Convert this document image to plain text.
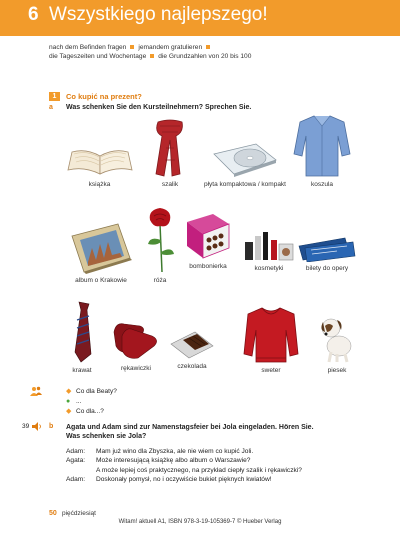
6 Wszystkiego najlepszego!
nach dem Befinden fragen jemandem gratulieren
die Tageszeiten und Wochentage die Grundzahlen von 20 bis 100
1	Co kupić na prezent?
a Was schenken Sie den Kursteilnehmern? Sprechen Sie.
książka	szalik	płyta kompaktowa / kompakt	koszula
album o Krakowie	róża
bombonierka	kosmetyki	bilety do opery
krawat	rękawiczki	czekolada
sweter	piesek
◆ Co dla Beaty?
● ...
◆ Co dla...?
39	b Agata und Adam sind zur Namenstagsfeier bei Jola eingeladen. Hören Sie.
Was schenken sie Jola?
Adam:	Mam już wino dla Zbyszka, ale nie wiem co kupić Joli.
Agata:	Może interesującą książkę albo album o Warszawie?
A może lepiej coś praktycznego, na przykład ciepły szalik i rękawiczki?
Adam:	Doskonały pomysł, no i oczywiście bukiet pięknych kwiatów!
50 pięćdziesiąt
Witam! aktuell A1, ISBN 978-3-19-105369-7 © Hueber Verlag
